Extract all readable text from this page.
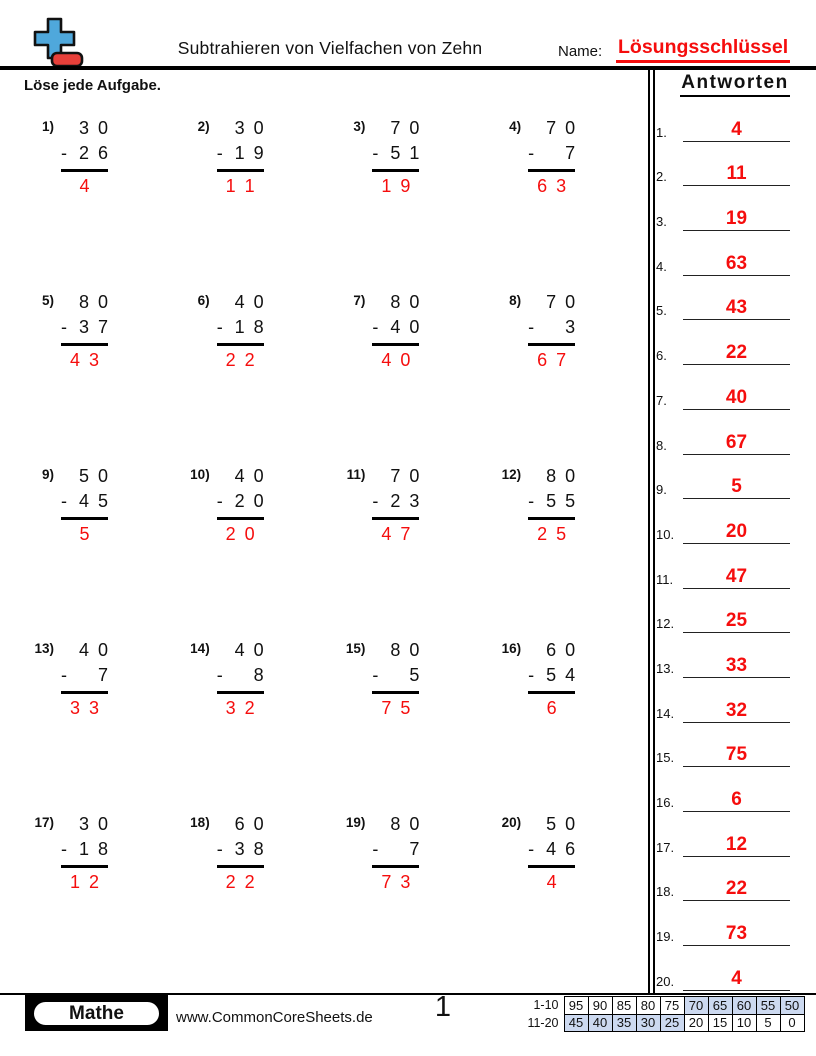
Subtrahieren von Vielfachen von Zehn	Name: Lösungsschlüssel
Löse jede Aufgabe.
1)	3 0
- 2 6
4
2)	3 0
- 1 9
1 1
3)	7 0
- 5 1
1 9
4)	7 0
- 7
6 3
5)	8 0
- 3 7
4 3
6)	4 0
- 1 8
2 2
7)	8 0
- 4 0
4 0
8)	7 0
- 3
6 7
9)	5 0
- 4 5
5
10)	4 0
- 2 0
2 0
11)	7 0
- 2 3
4 7
12)	8 0
- 5 5
2 5
13)	4 0
- 7
3 3
14)	4 0
- 8
3 2
15)	8 0
- 5
7 5
16)	6 0
- 5 4
6
17)	3 0
- 1 8
1 2
18)	6 0
- 3 8
2 2
19)	8 0
- 7
7 3
20)	5 0
- 4 6
4
Antworten
1.	4
2.	11
3.	19
4.	63
5.	43
6.	22
7.	40
8.	67
9.	5
10.	20
11.	47
12.	25
13.	33
14.	32
15.	75
16.	6
17.	12
18.	22
19.	73
20.	4
Mathe	www.CommonCoreSheets.de	1	1-10	95	90	85	80	75	70	65	60	55	50
11-20	45	40	35	30	25	20	15	10	5	0
